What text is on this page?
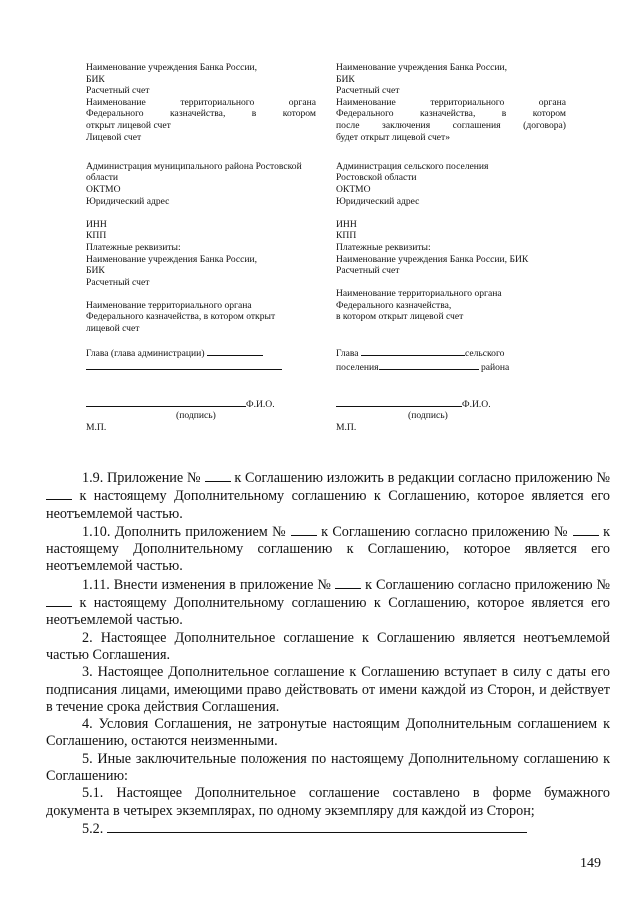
Наименование учреждения Банка России,
БИК
Расчетный счет
Наименование территориального органа
Федерального казначейства, в котором
открыт лицевой счет
Лицевой счет
Наименование учреждения Банка России,
БИК
Расчетный счет
Наименование территориального органа
Федерального казначейства, в котором
после заключения соглашения (договора)
будет открыт лицевой счет»
Администрация муниципального района Ростовской
области
ОКТМО
Юридический адрес
ИНН
КПП
Платежные реквизиты:
Наименование учреждения Банка России,
БИК
Расчетный счет
Наименование территориального органа
Федерального казначейства, в котором открыт
лицевой счет
Администрация сельского поселения
Ростовской области
ОКТМО
Юридический адрес
ИНН
КПП
Платежные реквизиты:
Наименование учреждения Банка России, БИК
Расчетный счет
Наименование территориального органа
Федерального казначейства,
в котором открыт лицевой счет
Глава (глава администрации)	Глава	сельского
поселения	района
Ф.И.О.
(подпись)
М.П.
Ф.И.О.
(подпись)
М.П.
1.9. Приложение № к Соглашению изложить в редакции согласно приложению №  к настоящему Дополнительному соглашению к Соглашению, которое является его неотъемлемой частью.
1.10. Дополнить приложением № к Соглашению согласно приложению № к настоящему Дополнительному соглашению к Соглашению, которое является его неотъемлемой частью.
1.11. Внести изменения в приложение № к Соглашению согласно приложению №  к настоящему Дополнительному соглашению к Соглашению, которое является его неотъемлемой частью.
2. Настоящее Дополнительное соглашение к Соглашению является неотъемлемой частью Соглашения.
3. Настоящее Дополнительное соглашение к Соглашению вступает в силу с даты его подписания лицами, имеющими право действовать от имени каждой из Сторон, и действует в течение срока действия Соглашения.
4. Условия Соглашения, не затронутые настоящим Дополнительным соглашением к Соглашению, остаются неизменными.
5. Иные заключительные положения по настоящему Дополнительному соглашению к Соглашению:
5.1. Настоящее Дополнительное соглашение составлено в форме бумажного документа в четырех экземплярах, по одному экземпляру для каждой из Сторон;
5.2.
149
